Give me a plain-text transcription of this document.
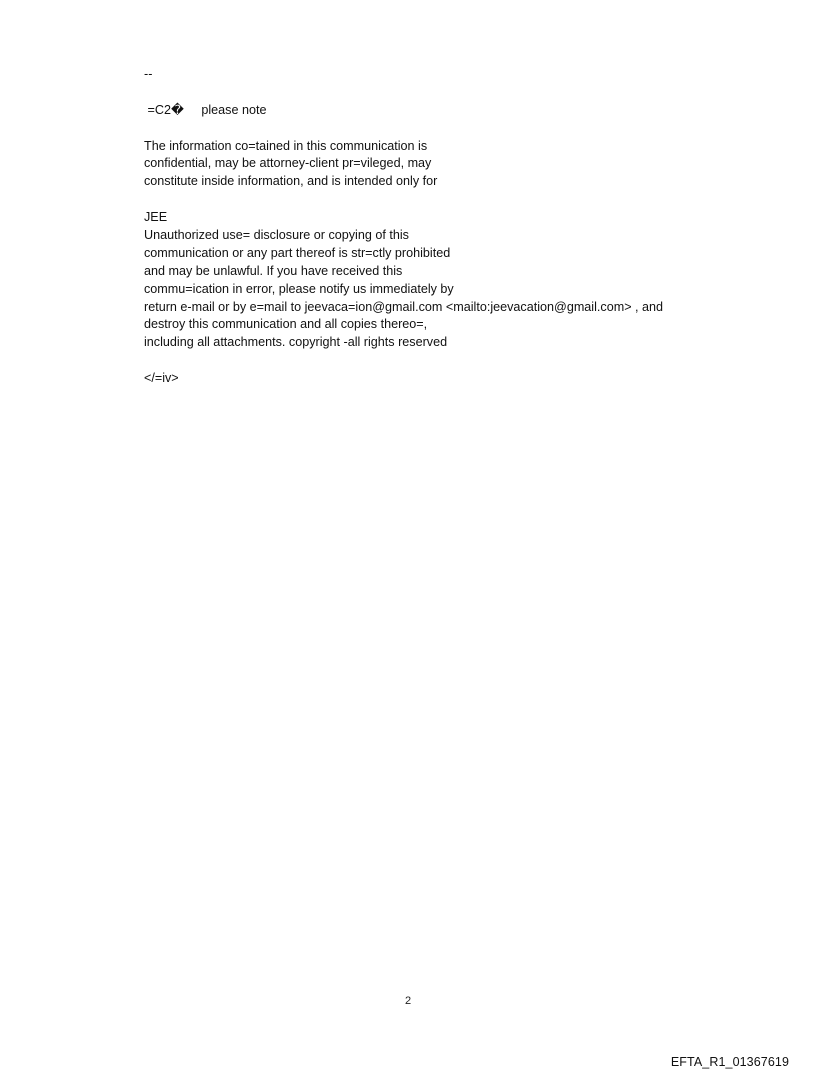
--
=C2�     please note
The information co=tained in this communication is
confidential, may be attorney-client pr=vileged, may
constitute inside information, and is intended only for
JEE
Unauthorized use= disclosure or copying of this
communication or any part thereof is str=ctly prohibited
and may be unlawful. If you have received this
commu=ication in error, please notify us immediately by
return e-mail or by e=mail to jeevaca=ion@gmail.com <mailto:jeevacation@gmail.com> , and
destroy this communication and all copies thereo=,
including all attachments. copyright -all rights reserved
</=iv>
2
EFTA_R1_01367619
